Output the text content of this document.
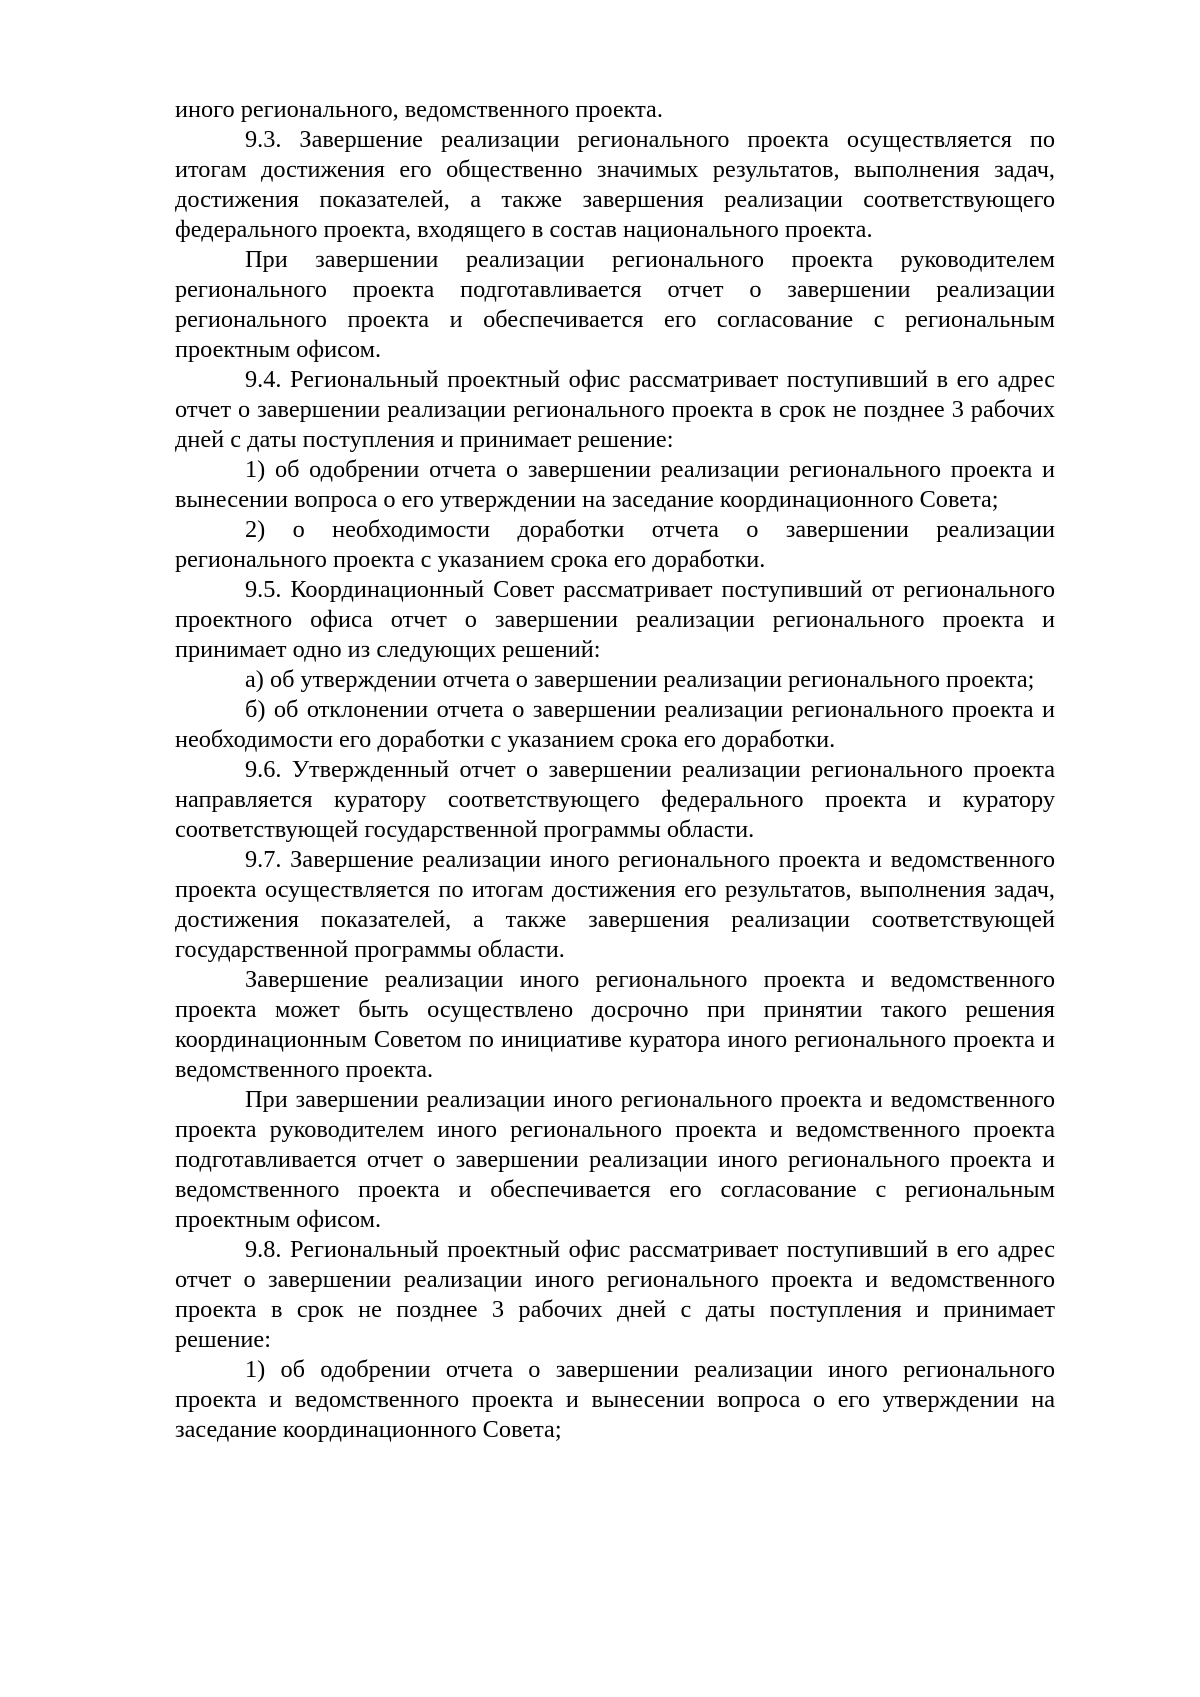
иного регионального, ведомственного проекта.

9.3. Завершение реализации регионального проекта осуществляется по итогам достижения его общественно значимых результатов, выполнения задач, достижения показателей, а также завершения реализации соответствующего федерального проекта, входящего в состав национального проекта.

При завершении реализации регионального проекта руководителем регионального проекта подготавливается отчет о завершении реализации регионального проекта и обеспечивается его согласование с региональным проектным офисом.

9.4. Региональный проектный офис рассматривает поступивший в его адрес отчет о завершении реализации регионального проекта в срок не позднее 3 рабочих дней с даты поступления и принимает решение:

1) об одобрении отчета о завершении реализации регионального проекта и вынесении вопроса о его утверждении на заседание координационного Совета;

2) о необходимости доработки отчета о завершении реализации регионального проекта с указанием срока его доработки.

9.5. Координационный Совет рассматривает поступивший от регионального проектного офиса отчет о завершении реализации регионального проекта и принимает одно из следующих решений:

а) об утверждении отчета о завершении реализации регионального проекта;

б) об отклонении отчета о завершении реализации регионального проекта и необходимости его доработки с указанием срока его доработки.

9.6. Утвержденный отчет о завершении реализации регионального проекта направляется куратору соответствующего федерального проекта и куратору соответствующей государственной программы области.

9.7. Завершение реализации иного регионального проекта и ведомственного проекта осуществляется по итогам достижения его результатов, выполнения задач, достижения показателей, а также завершения реализации соответствующей государственной программы области.

Завершение реализации иного регионального проекта и ведомственного проекта может быть осуществлено досрочно при принятии такого решения координационным Советом по инициативе куратора иного регионального проекта и ведомственного проекта.

При завершении реализации иного регионального проекта и ведомственного проекта руководителем иного регионального проекта и ведомственного проекта подготавливается отчет о завершении реализации иного регионального проекта и ведомственного проекта и обеспечивается его согласование с региональным проектным офисом.

9.8. Региональный проектный офис рассматривает поступивший в его адрес отчет о завершении реализации иного регионального проекта и ведомственного проекта в срок не позднее 3 рабочих дней с даты поступления и принимает решение:

1) об одобрении отчета о завершении реализации иного регионального проекта и ведомственного проекта и вынесении вопроса о его утверждении на заседание координационного Совета;
